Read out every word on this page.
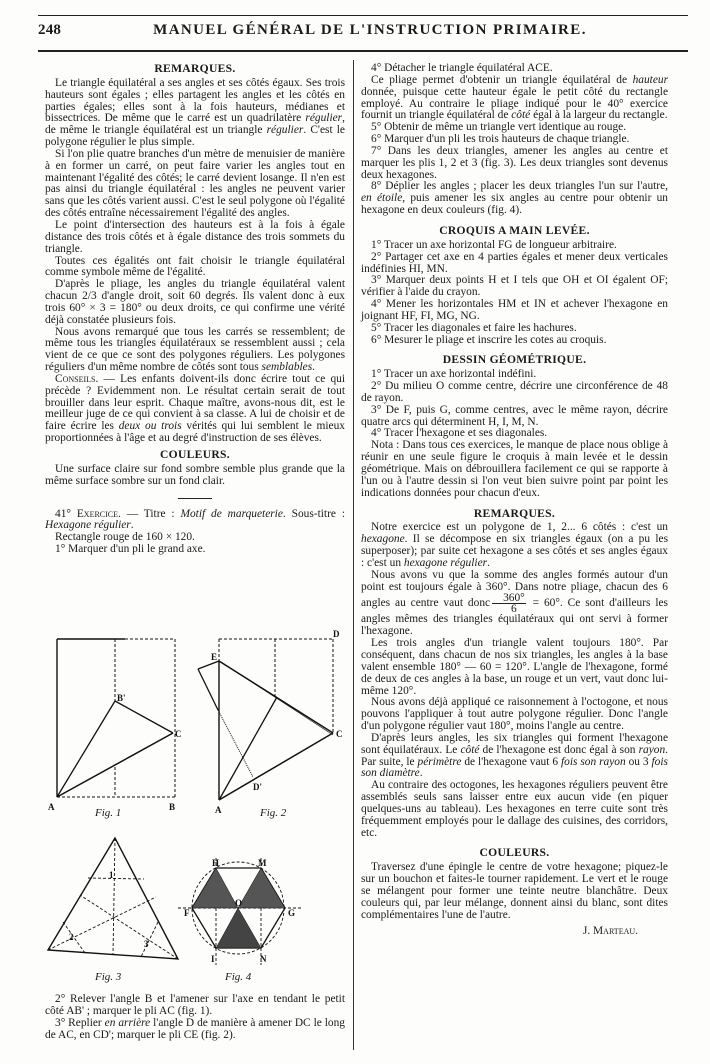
248	MANUEL GÉNÉRAL DE L'INSTRUCTION PRIMAIRE.
REMARQUES.

Le triangle équilatéral a ses angles et ses côtés égaux. Ses trois hauteurs sont égales ; elles partagent les angles et les côtés en parties égales; elles sont à la fois hauteurs, médianes et bissectrices. De même que le carré est un quadrilatère régulier, de même le triangle équilatéral est un triangle régulier. C'est le polygone régulier le plus simple.

Si l'on plie quatre branches d'un mètre de menuisier de manière à en former un carré, on peut faire varier les angles tout en maintenant l'égalité des côtés; le carré devient losange. Il n'en est pas ainsi du triangle équilatéral : les angles ne peuvent varier sans que les côtés varient aussi. C'est le seul polygone où l'égalité des côtés entraîne nécessairement l'égalité des angles.

Le point d'intersection des hauteurs est à la fois à égale distance des trois côtés et à égale distance des trois sommets du triangle.

Toutes ces égalités ont fait choisir le triangle équilatéral comme symbole même de l'égalité.

D'après le pliage, les angles du triangle équilatéral valent chacun 2/3 d'angle droit, soit 60 degrés. Ils valent donc à eux trois 60° × 3 = 180° ou deux droits, ce qui confirme une vérité déjà constatée plusieurs fois.

Nous avons remarqué que tous les carrés se ressemblent; de même tous les triangles équilatéraux se ressemblent aussi ; cela vient de ce que ce sont des polygones réguliers. Les polygones réguliers d'un même nombre de côtés sont tous semblables.

Conseils. — Les enfants doivent-ils donc écrire tout ce qui précède ? Evidemment non. Le résultat certain serait de tout brouiller dans leur esprit. Chaque maître, avons-nous dit, est le meilleur juge de ce qui convient à sa classe. A lui de choisir et de faire écrire les deux ou trois vérités qui lui semblent le mieux proportionnées à l'âge et au degré d'instruction de ses élèves.

COULEURS.

Une surface claire sur fond sombre semble plus grande que la même surface sombre sur un fond clair.

41° Exercice. — Titre : Motif de marqueterie. Sous-titre : Hexagone régulier.

Rectangle rouge de 160 × 120.

1° Marquer d'un pli le grand axe.

A	B
B'
C
A
C
D
D'
E
1
2
3
H	M
O
F	G
I	N
Fig. 1	Fig. 2
Fig. 3	Fig. 4

2° Relever l'angle B et l'amener sur l'axe en tendant le petit côté AB' ; marquer le pli AC (fig. 1).

3° Replier en arrière l'angle D de manière à amener DC le long de AC, en CD'; marquer le pli CE (fig. 2).

4° Détacher le triangle équilatéral ACE.

Ce pliage permet d'obtenir un triangle équilatéral de hauteur donnée, puisque cette hauteur égale le petit côté du rectangle employé. Au contraire le pliage indiqué pour le 40° exercice fournit un triangle équilatéral de côté égal à la largeur du rectangle.

5° Obtenir de même un triangle vert identique au rouge.

6° Marquer d'un pli les trois hauteurs de chaque triangle.

7° Dans les deux triangles, amener les angles au centre et marquer les plis 1, 2 et 3 (fig. 3). Les deux triangles sont devenus deux hexagones.

8° Déplier les angles ; placer les deux triangles l'un sur l'autre, en étoile, puis amener les six angles au centre pour obtenir un hexagone en deux couleurs (fig. 4).

CROQUIS A MAIN LEVÉE.

1° Tracer un axe horizontal FG de longueur arbitraire.

2° Partager cet axe en 4 parties égales et mener deux verticales indéfinies HI, MN.

3° Marquer deux points H et I tels que OH et OI égalent OF; vérifier à l'aide du crayon.

4° Mener les horizontales HM et IN et achever l'hexagone en joignant HF, FI, MG, NG.

5° Tracer les diagonales et faire les hachures.

6° Mesurer le pliage et inscrire les cotes au croquis.

DESSIN GÉOMÉTRIQUE.

1° Tracer un axe horizontal indéfini.

2° Du milieu O comme centre, décrire une circonférence de 48 de rayon.

3° De F, puis G, comme centres, avec le même rayon, décrire quatre arcs qui déterminent H, I, M, N.

4° Tracer l'hexagone et ses diagonales.

Nota : Dans tous ces exercices, le manque de place nous oblige à réunir en une seule figure le croquis à main levée et le dessin géométrique. Mais on débrouillera facilement ce qui se rapporte à l'un ou à l'autre dessin si l'on veut bien suivre point par point les indications données pour chacun d'eux.

REMARQUES.

Notre exercice est un polygone de 1, 2... 6 côtés : c'est un hexagone. Il se décompose en six triangles égaux (on a pu les superposer); par suite cet hexagone a ses côtés et ses angles égaux : c'est un hexagone régulier.

Nous avons vu que la somme des angles formés autour d'un point est toujours égale à 360°. Dans notre pliage, chacun des 6 angles au centre vaut donc $\frac{360^\circ}{6} = 60^\circ$. Ce sont d'ailleurs les angles mêmes des triangles équilatéraux qui ont servi à former l'hexagone.

Les trois angles d'un triangle valent toujours 180°. Par conséquent, dans chacun de nos six triangles, les angles à la base valent ensemble 180° — 60 = 120°. L'angle de l'hexagone, formé de deux de ces angles à la base, un rouge et un vert, vaut donc lui-même 120°.

Nous avons déjà appliqué ce raisonnement à l'octogone, et nous pouvons l'appliquer à tout autre polygone régulier. Donc l'angle d'un polygone régulier vaut 180°, moins l'angle au centre.

D'après leurs angles, les six triangles qui forment l'hexagone sont équilatéraux. Le côté de l'hexagone est donc égal à son rayon. Par suite, le périmètre de l'hexagone vaut 6 fois son rayon ou 3 fois son diamètre.

Au contraire des octogones, les hexagones réguliers peuvent être assemblés seuls sans laisser entre eux aucun vide (en piquer quelques-uns au tableau). Les hexagones en terre cuite sont très fréquemment employés pour le dallage des cuisines, des corridors, etc.

COULEURS.

Traversez d'une épingle le centre de votre hexagone; piquez-le sur un bouchon et faites-le tourner rapidement. Le vert et le rouge se mélangent pour former une teinte neutre blanchâtre. Deux couleurs qui, par leur mélange, donnent ainsi du blanc, sont dites complémentaires l'une de l'autre.

J. Marteau.
